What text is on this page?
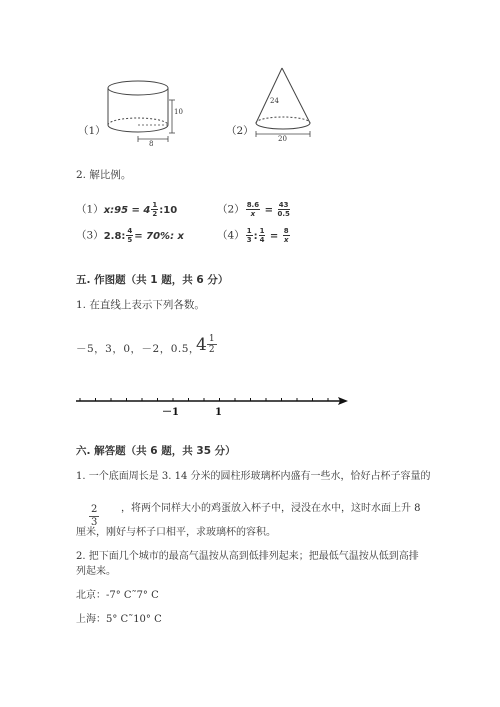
10
8
（1）
24
20
（2）
2. 解比例。
（1）x:95 = $4 \frac{1}{2}$ :10	$(2) \frac{8.6}{x} = \frac{43}{0.5}$
（3）2.8: $\frac{4}{5} = 70\%$: x	$(4) \frac{1}{3}$ : $\frac{1}{4} = \frac{8}{x}$
五. 作图题（共 1 题，共 6 分）
1. 在直线上表示下列各数。
－5，3，0，－2，0.5，
4 1
2
－1	1
六. 解答题（共 6 题，共 35 分）
1. 一个底面周长是 3. 14 分米的圆柱形玻璃杯内盛有一些水，恰好占杯子容量的
$\frac{2}{3}$ ，将两个同样大小的鸡蛋放入杯子中，浸没在水中，这时水面上升 8
厘米，刚好与杯子口相平，求玻璃杯的容积。
2. 把下面几个城市的最高气温按从高到低排列起来；把最低气温按从低到高排
列起来。
北京：-7° C˜7° C
上海：5° C˜10° C
